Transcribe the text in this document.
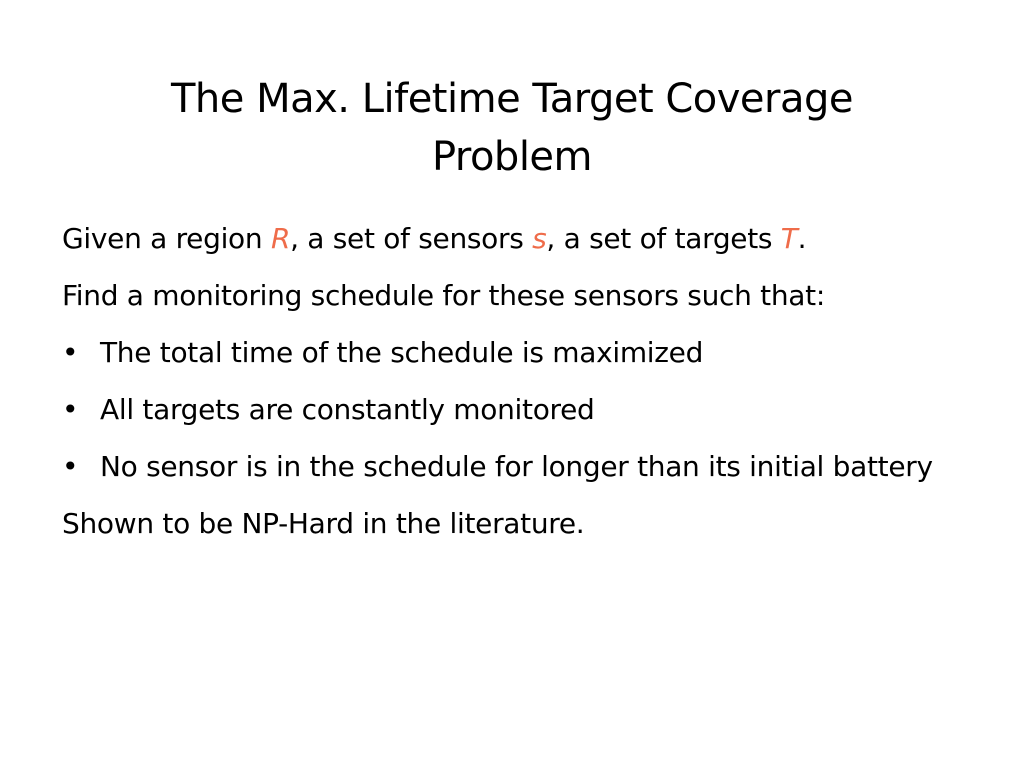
The Max. Lifetime Target Coverage
Problem

Given a region R, a set of sensors s, a set of targets T.

Find a monitoring schedule for these sensors such that:

• The total time of the schedule is maximized
• All targets are constantly monitored
• No sensor is in the schedule for longer than its initial battery

Shown to be NP-Hard in the literature.
